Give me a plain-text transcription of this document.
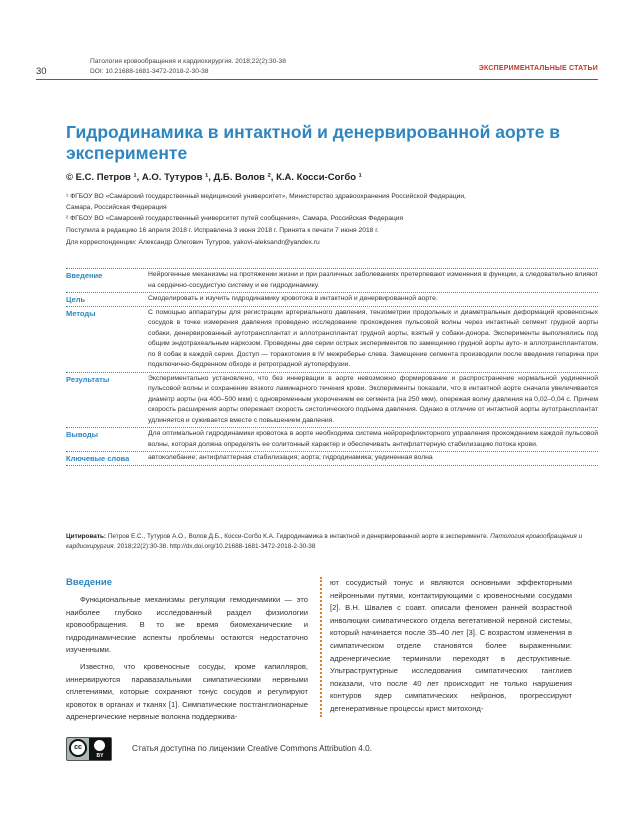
30
Патология кровообращения и кардиохирургия. 2018;22(2):30-38
DOI: 10.21688-1681-3472-2018-2-30-38	ЭКСПЕРИМЕНТАЛЬНЫЕ СТАТЬИ
Гидродинамика в интактной и денервированной аорте в эксперименте
© Е.С. Петров ¹, А.О. Тутуров ¹, Д.Б. Волов ², К.А. Косси-Согбо ¹
¹ ФГБОУ ВО «Самарский государственный медицинский университет», Министерство здравоохранения Российской Федерации,
Самара, Российская Федерация
² ФГБОУ ВО «Самарский государственный университет путей сообщения», Самара, Российская Федерация
Поступила в редакцию 16 апреля 2018 г. Исправлена 3 июня 2018 г. Принята к печати 7 июня 2018 г.
Для корреспонденции: Александр Олегович Тутуров, yakovi-aleksandr@yandex.ru
Введение	Нейрогенные механизмы на протяжении жизни и при различных заболеваниях претерпевают изменения в функции, а следовательно влияют на сердечно-сосудистую систему и ее гидродинамику.
Цель	Смоделировать и изучить гидродинамику кровотока в интактной и денервированной аорте.
Методы	С помощью аппаратуры для регистрации артериального давления, тензометрии продольных и диаметральных деформаций кровеносных сосудов в точке измерения давления проведено исследование прохождения пульсовой волны через интактный сегмент грудной аорты собаки, денервированный аутотрансплантат и аллотрансплантат грудной аорты, взятый у собаки-донора. Эксперименты выполнялись под общим эндотрахеальным наркозом. Проведены две серии острых экспериментов по замещению грудной аорты ауто- и аллотрансплантатом, по 8 собак в каждой серии. Доступ — торакотомия в IV межреберье слева. Замещение сегмента производили после введения гепарина при подключично-бедренном обходе и ретроградной аутоперфузии.
Результаты	Экспериментально установлено, что без иннервации в аорте невозможно формирование и распространение нормальной уединенной пульсовой волны и сохранение вязкого ламинарного течения крови. Эксперименты показали, что в интактной аорте сначала увеличивается диаметр аорты (на 400–500 мкм) с одновременным укорочением ее сегмента (на 250 мкм), опережая волну давления на 0,02–0,04 с. Причем скорость расширения аорты опережает скорость систолического подъема давления. Однако в отличие от интактной аорты аутотрансплантат удлиняется и суживается вместе с повышением давления.
Выводы	Для оптимальной гидродинамики кровотока в аорте необходима система нейрорефлекторного управления прохождением каждой пульсовой волны, которая должна определять ее солитонный характер и обеспечивать антифлаттерную стабилизацию потока крови.
Ключевые слова	автоколебание; антифлаттерная стабилизация; аорта; гидродинамика; уединенная волна
Цитировать: Петров Е.С., Тутуров А.О., Волов Д.Б., Косси-Согбо К.А. Гидродинамика в интактной и денервированной аорте в эксперименте. Патология кровообращения и кардиохирургия. 2018;22(2):30-38. http://dx.doi.org/10.21688-1681-3472-2018-2-30-38
Введение

Функциональные механизмы регуляции гемодинамики — это наиболее глубоко исследованный раздел физиологии кровообращения. В то же время биомеханические и гидродинамические аспекты проблемы остаются недостаточно изученными.

Известно, что кровеносные сосуды, кроме капилляров, иннервируются паравазальными симпатическими нервными сплетениями, которые сохраняют тонус сосудов и регулируют кровоток в органах и тканях [1]. Симпатические постганглионарные адренергические нервные волокна поддержива-

ют сосудистый тонус и являются основными эффекторными нейронными путями, контактирующими с кровеносными сосудами [2]. В.Н. Швалев с соавт. описали феномен ранней возрастной инволюции симпатического отдела вегетативной нервной системы, который начинается после 35–40 лет [3]. С возрастом изменения в симпатическом отделе становятся более выраженными: адренергические терминали переходят в деструктивные. Ультраструктурные исследования симпатических ганглиев показали, что после 40 лет происходит не только нарушения контуров ядер симпатических нейронов, прогрессируют дегенеративные процессы крист митохонд-

cc
BY
Статья доступна по лицензии Creative Commons Attribution 4.0.
